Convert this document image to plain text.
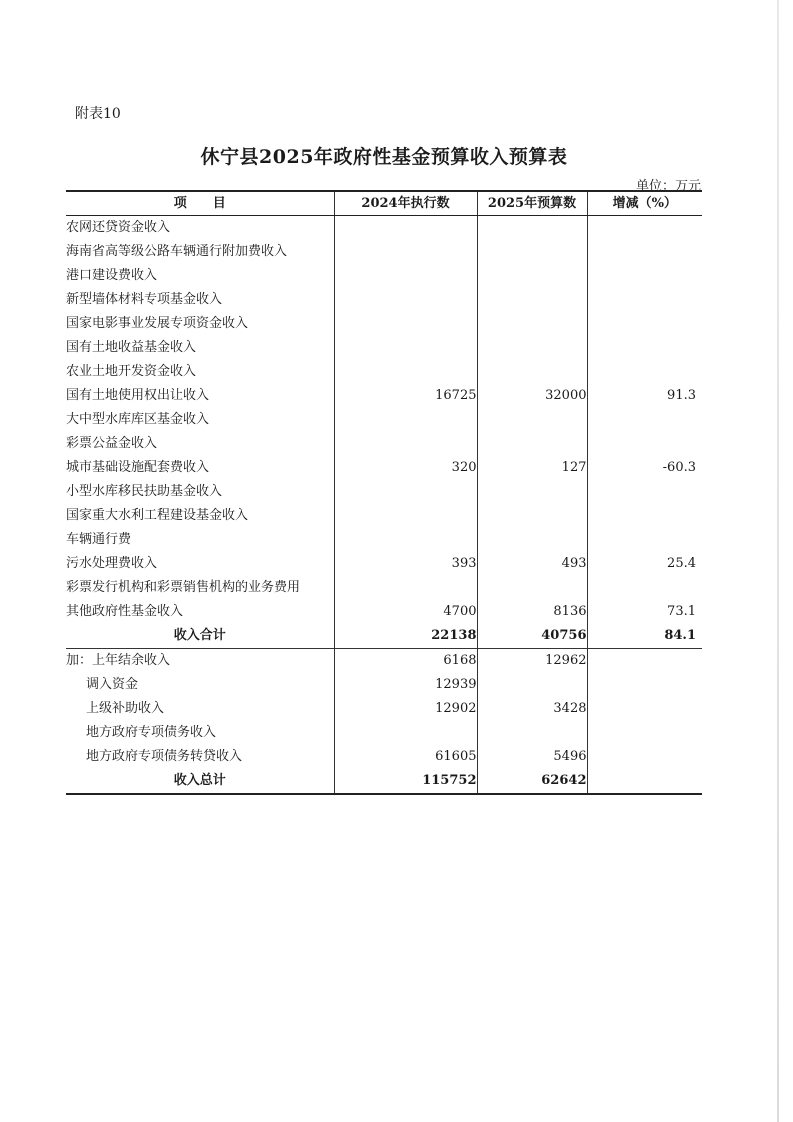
附表10
休宁县2025年政府性基金预算收入预算表
单位：万元
项　　目	2024年执行数	2025年预算数	增减（%）
农网还贷资金收入			
海南省高等级公路车辆通行附加费收入			
港口建设费收入			
新型墙体材料专项基金收入			
国家电影事业发展专项资金收入			
国有土地收益基金收入			
农业土地开发资金收入			
国有土地使用权出让收入	16725	32000	91.3
大中型水库库区基金收入			
彩票公益金收入			
城市基础设施配套费收入	320	127	-60.3
小型水库移民扶助基金收入			
国家重大水利工程建设基金收入			
车辆通行费			
污水处理费收入	393	493	25.4
彩票发行机构和彩票销售机构的业务费用			
其他政府性基金收入	4700	8136	73.1
收入合计	22138	40756	84.1
加：上年结余收入	6168	12962	
调入资金	12939		
上级补助收入	12902	3428	
地方政府专项债务收入			
地方政府专项债务转贷收入	61605	5496	
收入总计	115752	62642	
